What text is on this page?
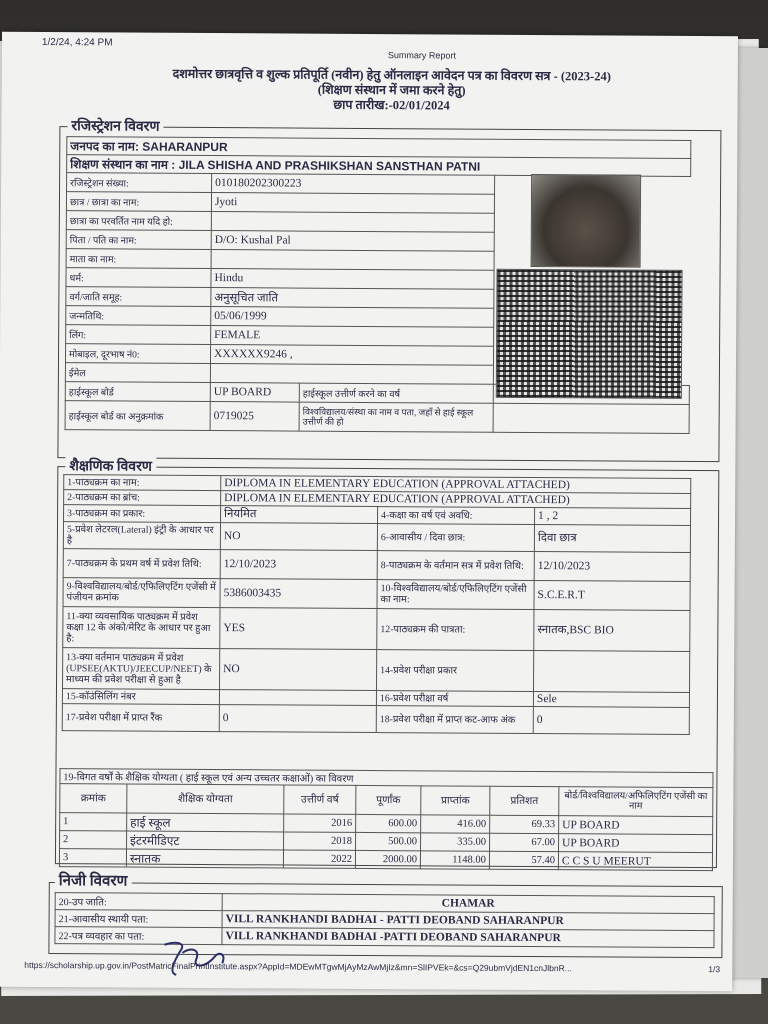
1/2/24, 4:24 PM
Summary Report
दशमोत्तर छात्रवृत्ति व शुल्क प्रतिपूर्ति (नवीन) हेतु ऑनलाइन आवेदन पत्र का विवरण सत्र - (2023-24)
(शिक्षण संस्थान में जमा करने हेतु)
छाप तारीख:-02/01/2024
रजिस्ट्रेशन विवरण
जनपद का नाम: SAHARANPUR			
शिक्षण संस्थान का नाम : JILA SHISHA AND PRASHIKSHAN SANSTHAN PATNI			
रजिस्ट्रेशन संख्या:	010180202300223		
छात्र / छात्रा का नाम:	Jyoti		
छात्रा का परवर्तित नाम यदि हो:			
पिता / पति का नाम:	D/O: Kushal Pal		
माता का नाम:			
धर्म:	Hindu		
वर्ग/जाति समूह:	अनुसूचित जाति		
जन्मतिथि:	05/06/1999		
लिंग:	FEMALE		
मोबाइल, दूरभाष नं0:	XXXXXX9246 ,		
ईमेल			
हाईस्कूल बोर्ड	UP BOARD	हाईस्कूल उत्तीर्ण करने का वर्ष	
हाईस्कूल बोर्ड का अनुक्रमांक	0719025	विश्वविद्यालय/संस्था का नाम व पता, जहाँ से हाई स्कूल उत्तीर्ण की हो	
शैक्षणिक विवरण
1-पाठ्यक्रम का नाम:	DIPLOMA IN ELEMENTARY EDUCATION (APPROVAL ATTACHED)		
2-पाठ्यक्रम का ब्रांच:	DIPLOMA IN ELEMENTARY EDUCATION (APPROVAL ATTACHED)		
3-पाठ्यक्रम का प्रकार:	नियमित	4-कक्षा का वर्ष एवं अवधि:	1 , 2
5-प्रवेश लेटरल(Lateral) इंट्री के आधार पर है	NO	6-आवासीय / दिवा छात्र:	दिवा छात्र
7-पाठ्यक्रम के प्रथम वर्ष में प्रवेश तिथि:	12/10/2023	8-पाठ्यक्रम के वर्तमान सत्र में प्रवेश तिथि:	12/10/2023
9-विश्वविद्यालय/बोर्ड/एफिलिएटिंग एजेंसी में पंजीयन क्रमांक	5386003435	10-विश्वविद्यालय/बोर्ड/एफिलिएटिंग एजेंसी का नाम:	S.C.E.R.T
11-क्या व्यवसायिक पाठ्यक्रम में प्रवेश कक्षा 12 के अंको/मेरिट के आधार पर हुआ है:	YES	12-पाठ्यक्रम की पात्रता:	स्नातक,BSC BIO
13-क्या वर्तमान पाठ्यक्रम में प्रवेश (UPSEE(AKTU)/JEECUP/NEET) के माध्यम की प्रवेश परीक्षा से हुआ है	NO	14-प्रवेश परीक्षा प्रकार	
15-कॉउंसिलिंग नंबर		16-प्रवेश परीक्षा वर्ष	Sele
17-प्रवेश परीक्षा में प्राप्त रैंक	0	18-प्रवेश परीक्षा में प्राप्त कट-आफ अंक	0
19-विगत वर्षों के शैक्षिक योग्यता ( हाई स्कूल एवं अन्य उच्चतर कक्षाओं) का विवरण						
क्रमांक	शैक्षिक योग्यता	उत्तीर्ण वर्ष	पूर्णांक	प्राप्तांक	प्रतिशत	बोर्ड/विश्वविद्यालय/अफिलिएटिंग एजेंसी का नाम
1	हाई स्कूल	2016	600.00	416.00	69.33	UP BOARD
2	इंटरमीडिएट	2018	500.00	335.00	67.00	UP BOARD
3	स्नातक	2022	2000.00	1148.00	57.40	C C S U MEERUT
निजी विवरण
20-उप जाति:	CHAMAR
21-आवासीय स्थायी पता:	VILL RANKHANDI BADHAI - PATTI DEOBAND SAHARANPUR
22-पत्र व्यवहार का पता:	VILL RANKHANDI BADHAI -PATTI DEOBAND SAHARANPUR
https://scholarship.up.gov.in/PostMatricFinalPrintInstitute.aspx?AppId=MDEwMTgwMjAyMzAwMjIz&mn=SlIPVEk=&cs=Q29ubmVjdEN1cnJlbnR...	1/3
